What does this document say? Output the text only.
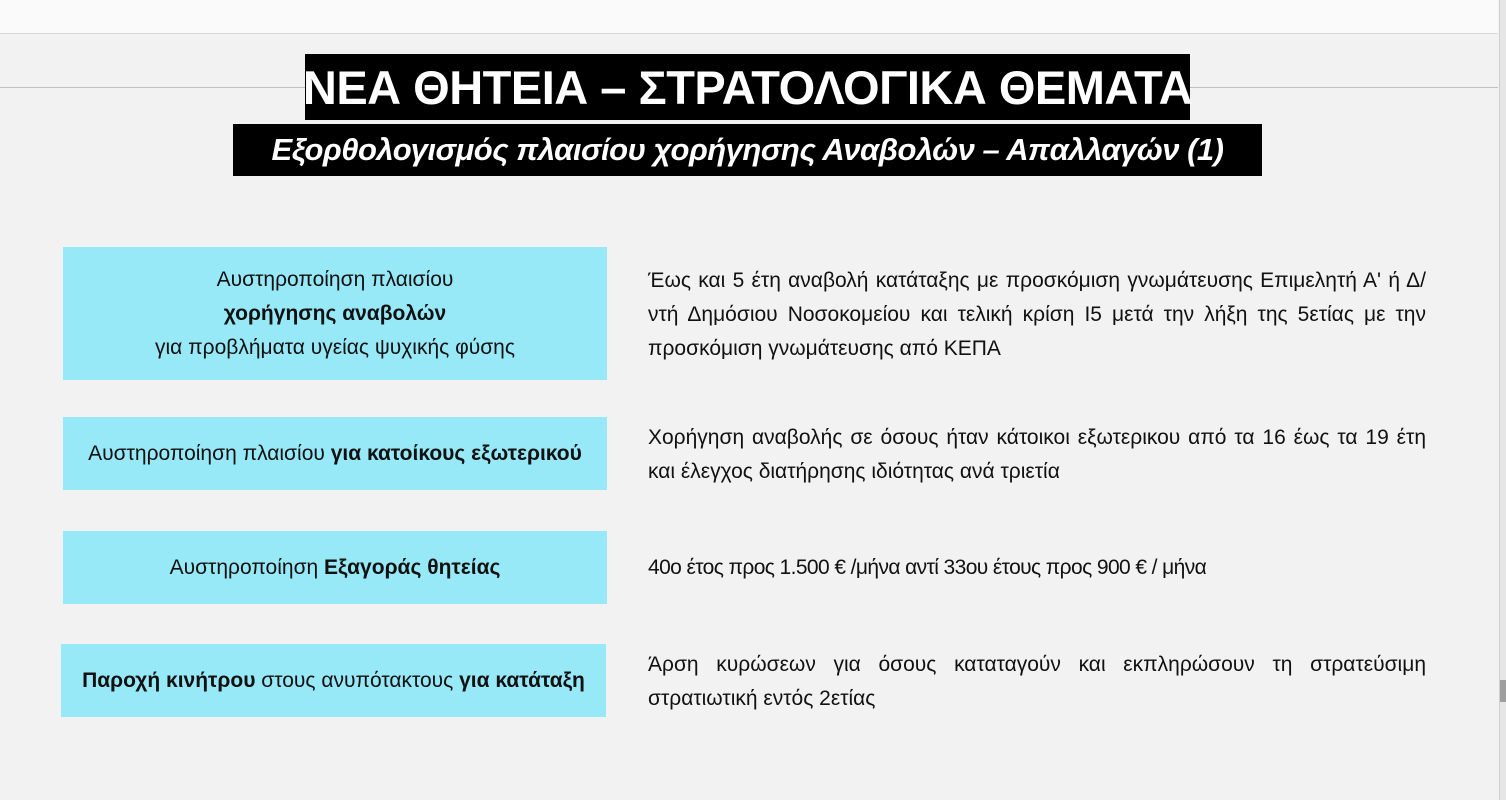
ΝΕΑ ΘΗΤΕΙΑ – ΣΤΡΑΤΟΛΟΓΙΚΑ ΘΕΜΑΤΑ
Εξορθολογισμός πλαισίου χορήγησης Αναβολών – Απαλλαγών (1)
Αυστηροποίηση πλαισίου
χορήγησης αναβολών
για προβλήματα υγείας ψυχικής φύσης
Έως και 5 έτη αναβολή κατάταξης με προσκόμιση γνωμάτευσης Επιμελητή Α' ή Δ/ντή Δημόσιου Νοσοκομείου και τελική κρίση Ι5 μετά την λήξη της 5ετίας με την προσκόμιση γνωμάτευσης από ΚΕΠΑ
Αυστηροποίηση πλαισίου για κατοίκους εξωτερικού
Χορήγηση αναβολής σε όσους ήταν κάτοικοι εξωτερικου από τα 16 έως τα 19 έτη και έλεγχος διατήρησης ιδιότητας ανά τριετία
Αυστηροποίηση Εξαγοράς θητείας	40ο έτος προς 1.500 € /μήνα αντί 33ου έτους προς 900 € / μήνα
Παροχή κινήτρου στους ανυπότακτους για κατάταξη
Άρση κυρώσεων για όσους καταταγούν και εκπληρώσουν τη στρατεύσιμη στρατιωτική εντός 2ετίας
